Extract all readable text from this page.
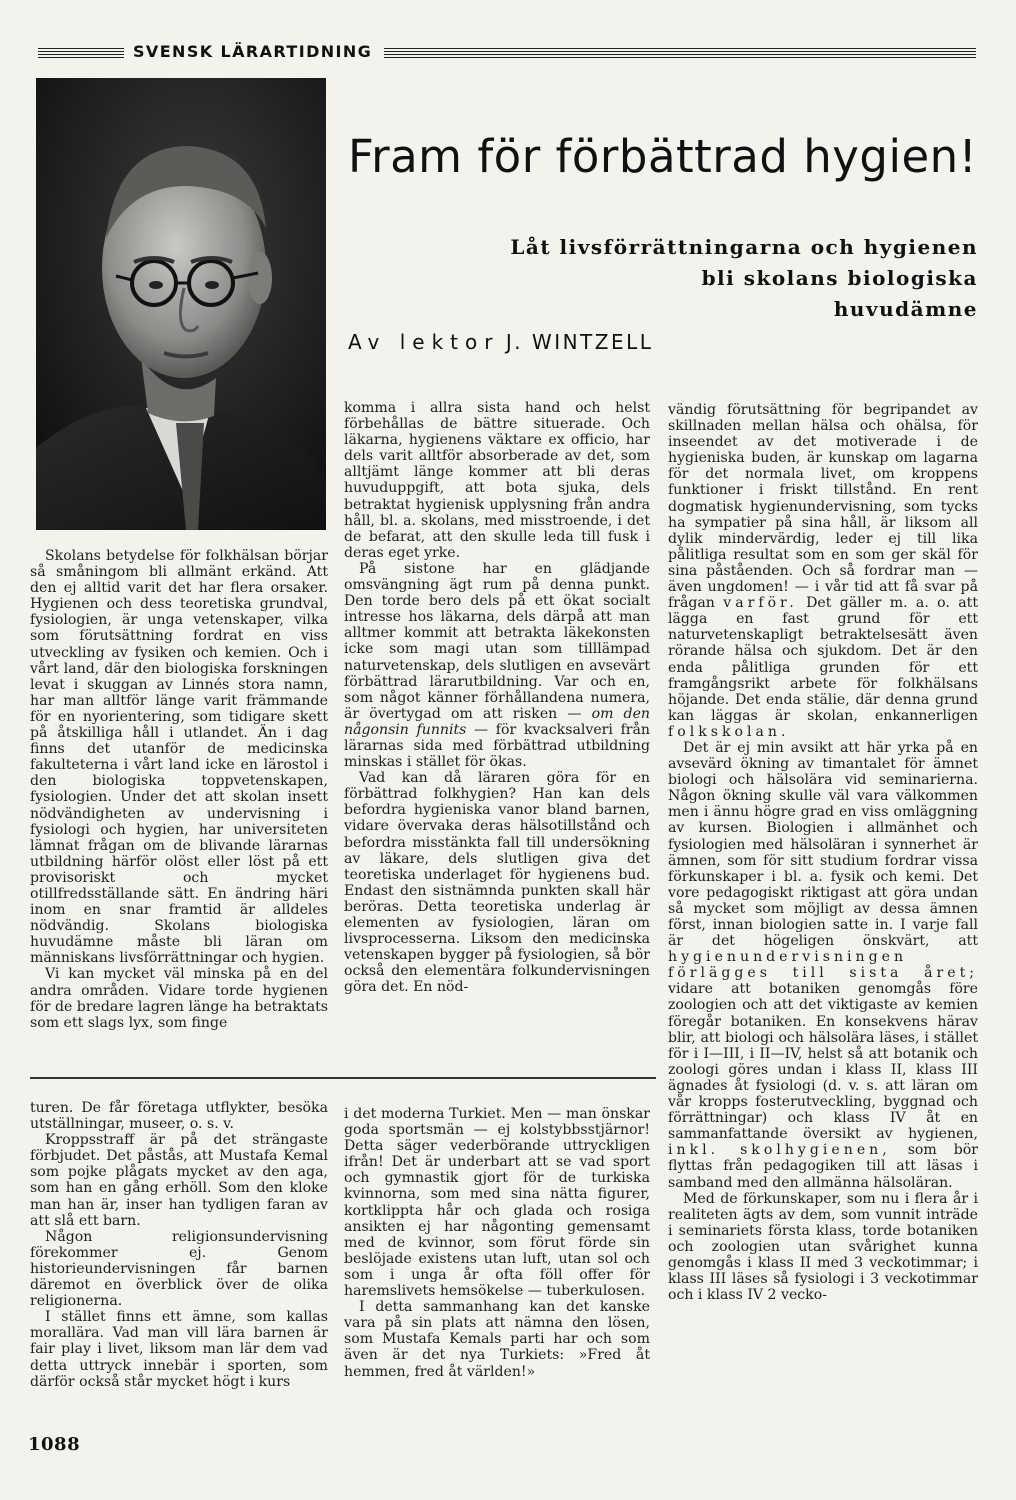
SVENSK LÄRARTIDNING
Fram för förbättrad hygien!
Låt livsförrättningarna och hygienen
bli skolans biologiska
huvudämne
Av lektor J. WINTZELL

Skolans betydelse för folkhälsan börjar så småningom bli allmänt erkänd. Att den ej alltid varit det har flera orsaker. Hygienen och dess teoretiska grundval, fysiologien, är unga vetenskaper, vilka som förutsättning fordrat en viss utveckling av fysiken och kemien. Och i vårt land, där den biologiska forskningen levat i skuggan av Linnés stora namn, har man alltför länge varit främmande för en nyorientering, som tidigare skett på åtskilliga håll i utlandet. Än i dag finns det utanför de medicinska fakulteterna i vårt land icke en lärostol i den biologiska toppvetenskapen, fysiologien. Under det att skolan insett nödvändigheten av undervisning i fysiologi och hygien, har universiteten lämnat frågan om de blivande lärarnas utbildning härför olöst eller löst på ett provisoriskt och mycket otillfredsställande sätt. En ändring häri inom en snar framtid är alldeles nödvändig. Skolans biologiska huvudämne måste bli läran om människans livsförrättningar och hygien.

Vi kan mycket väl minska på en del andra områden. Vidare torde hygienen för de bredare lagren länge ha betraktats som ett slags lyx, som finge

komma i allra sista hand och helst förbehållas de bättre situerade. Och läkarna, hygienens väktare ex officio, har dels varit alltför absorberade av det, som alltjämt länge kommer att bli deras huvuduppgift, att bota sjuka, dels betraktat hygienisk upplysning från andra håll, bl. a. skolans, med misstroende, i det de befarat, att den skulle leda till fusk i deras eget yrke.

På sistone har en glädjande omsvängning ägt rum på denna punkt. Den torde bero dels på ett ökat socialt intresse hos läkarna, dels därpå att man alltmer kommit att betrakta läkekonsten icke som magi utan som tilllämpad naturvetenskap, dels slutligen en avsevärt förbättrad lärarutbildning. Var och en, som något känner förhållandena numera, är övertygad om att risken — om den någonsin funnits — för kvacksalveri från lärarnas sida med förbättrad utbildning minskas i stället för ökas.

Vad kan då läraren göra för en förbättrad folkhygien? Han kan dels befordra hygieniska vanor bland barnen, vidare övervaka deras hälsotillstånd och befordra misstänkta fall till undersökning av läkare, dels slutligen giva det teoretiska underlaget för hygienens bud. Endast den sistnämnda punkten skall här beröras. Detta teoretiska underlag är elementen av fysiologien, läran om livsprocesserna. Liksom den medicinska vetenskapen bygger på fysiologien, så bör också den elementära folkundervisningen göra det. En nöd-

vändig förutsättning för begripandet av skillnaden mellan hälsa och ohälsa, för inseendet av det motiverade i de hygieniska buden, är kunskap om lagarna för det normala livet, om kroppens funktioner i friskt tillstånd. En rent dogmatisk hygienundervisning, som tycks ha sympatier på sina håll, är liksom all dylik mindervärdig, leder ej till lika pålitliga resultat som en som ger skäl för sina påståenden. Och så fordrar man — även ungdomen! — i vår tid att få svar på frågan varför. Det gäller m. a. o. att lägga en fast grund för ett naturvetenskapligt betraktelsesätt även rörande hälsa och sjukdom. Det är den enda pålitliga grunden för ett framgångsrikt arbete för folkhälsans höjande. Det enda stälie, där denna grund kan läggas är skolan, enkannerligen folkskolan.

Det är ej min avsikt att här yrka på en avsevärd ökning av timantalet för ämnet biologi och hälsolära vid seminarierna. Någon ökning skulle väl vara välkommen men i ännu högre grad en viss omläggning av kursen. Biologien i allmänhet och fysiologien med hälsoläran i synnerhet är ämnen, som för sitt studium fordrar vissa förkunskaper i bl. a. fysik och kemi. Det vore pedagogiskt riktigast att göra undan så mycket som möjligt av dessa ämnen först, innan biologien satte in. I varje fall är det högeligen önskvärt, att hygienundervisningen förlägges till sista året; vidare att botaniken genomgås före zoologien och att det viktigaste av kemien föregår botaniken. En konsekvens härav blir, att biologi och hälsolära läses, i stället för i I—III, i II—IV, helst så att botanik och zoologi göres undan i klass II, klass III ägnades åt fysiologi (d. v. s. att läran om vår kropps fosterutveckling, byggnad och förrättningar) och klass IV åt en sammanfattande översikt av hygienen, inkl. skolhygienen, som bör flyttas från pedagogiken till att läsas i samband med den allmänna hälsoläran.

Med de förkunskaper, som nu i flera år i realiteten ägts av dem, som vunnit inträde i seminariets första klass, torde botaniken och zoologien utan svårighet kunna genomgås i klass II med 3 veckotimmar; i klass III läses så fysiologi i 3 veckotimmar och i klass IV 2 vecko-

turen. De får företaga utflykter, besöka utställningar, museer, o. s. v.

Kroppsstraff är på det strängaste förbjudet. Det påstås, att Mustafa Kemal som pojke plågats mycket av den aga, som han en gång erhöll. Som den kloke man han är, inser han tydligen faran av att slå ett barn.

Någon religionsundervisning förekommer ej. Genom historieundervisningen får barnen däremot en överblick över de olika religionerna.

I stället finns ett ämne, som kallas morallära. Vad man vill lära barnen är fair play i livet, liksom man lär dem vad detta uttryck innebär i sporten, som därför också står mycket högt i kurs

i det moderna Turkiet. Men — man önskar goda sportsmän — ej kolstybbsstjärnor! Detta säger vederbörande uttryckligen ifrån! Det är underbart att se vad sport och gymnastik gjort för de turkiska kvinnorna, som med sina nätta figurer, kortklippta hår och glada och rosiga ansikten ej har någonting gemensamt med de kvinnor, som förut förde sin beslöjade existens utan luft, utan sol och som i unga år ofta föll offer för haremslivets hemsökelse — tuberkulosen.

I detta sammanhang kan det kanske vara på sin plats att nämna den lösen, som Mustafa Kemals parti har och som även är det nya Turkiets: »Fred åt hemmen, fred åt världen!»

1088
